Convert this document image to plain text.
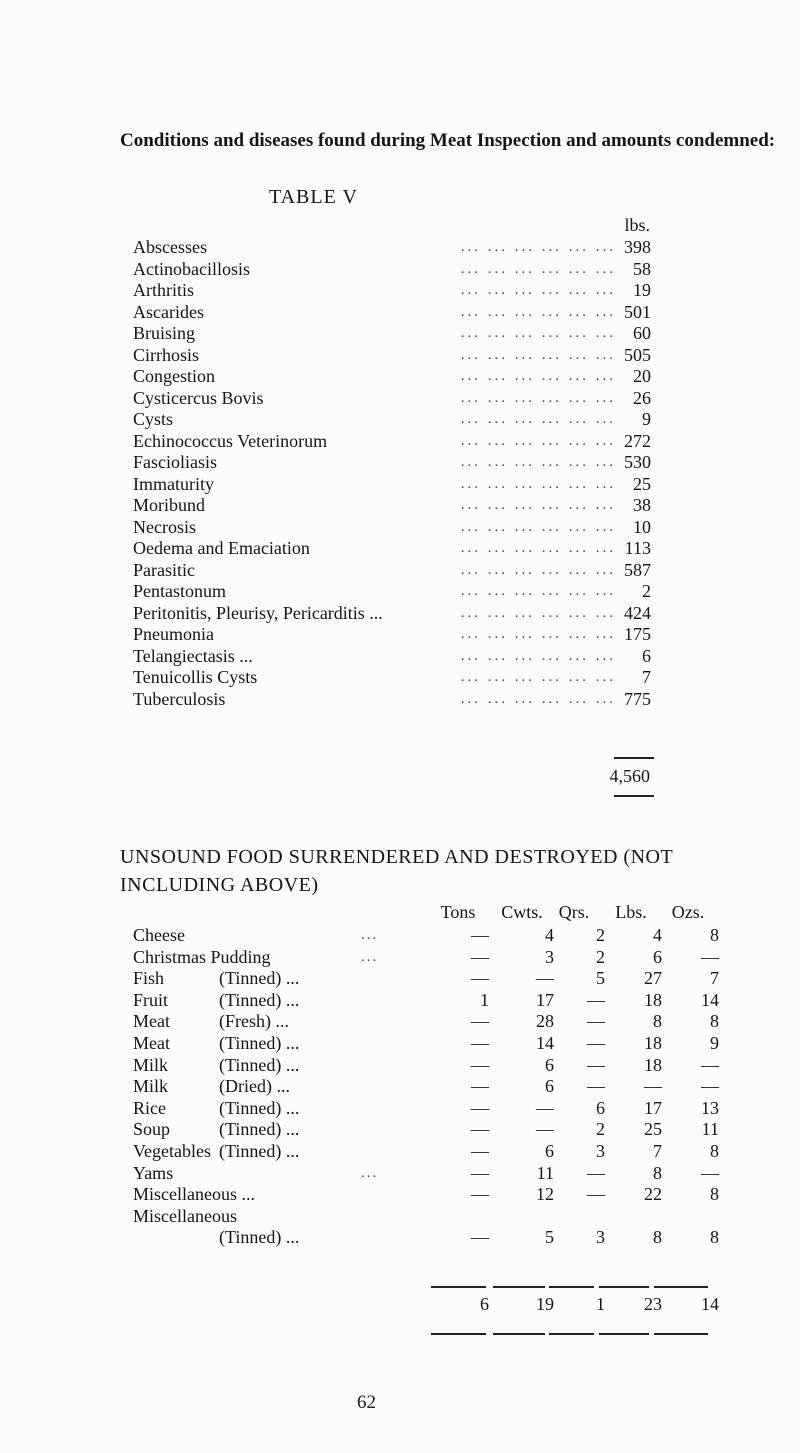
Conditions and diseases found during Meat Inspection and amounts condemned:
TABLE V
lbs.
Abscesses	... ... ... ... ... ... 398
Actinobacillosis	... ... ... ... ... ... 58
Arthritis	... ... ... ... ... ... 19
Ascarides	... ... ... ... ... ... 501
Bruising	... ... ... ... ... ... 60
Cirrhosis	... ... ... ... ... ... 505
Congestion	... ... ... ... ... ... 20
Cysticercus Bovis	... ... ... ... ... ... 26
Cysts	... ... ... ... ... ...	9
Echinococcus Veterinorum	... ... ... ... ... ... 272
Fascioliasis	... ... ... ... ... ... 530
Immaturity	... ... ... ... ... ... 25
Moribund	... ... ... ... ... ... 38
Necrosis	... ... ... ... ... ... 10
Oedema and Emaciation	... ... ... ... ... ... 113
Parasitic	... ... ... ... ... ... 587
Pentastonum	... ... ... ... ... ...	2
Peritonitis, Pleurisy, Pericarditis ...	... ... ... ... ... ... 424
Pneumonia	... ... ... ... ... ... 175
Telangiectasis ...	... ... ... ... ... ...	6
Tenuicollis Cysts	... ... ... ... ... ...	7
Tuberculosis	... ... ... ... ... ... 775
4,560
UNSOUND FOOD SURRENDERED AND DESTROYED (NOT INCLUDING ABOVE)
Tons	Cwts. Qrs.	Lbs.	Ozs.
Cheese	...	—	4	2	4	8
Christmas Pudding	...	—	3	2	6	—
Fish	(Tinned) ...	—	—	5	27	7
Fruit	(Tinned) ...	1	17	—	18	14
Meat	(Fresh) ...	—	28	—	8	8
Meat	(Tinned) ...	—	14	—	18	9
Milk	(Tinned) ...	—	6	—	18	—
Milk	(Dried) ...	—	6	—	—	—
Rice	(Tinned) ...	—	—	6	17	13
Soup	(Tinned) ...	—	—	2	25	11
Vegetables (Tinned) ...	—	6	3	7	8
Yams	...	—	11	—	8	—
Miscellaneous ...	—	12	—	22	8
Miscellaneous
(Tinned) ...	—	5	3	8	8
6	19	1	23	14
62
